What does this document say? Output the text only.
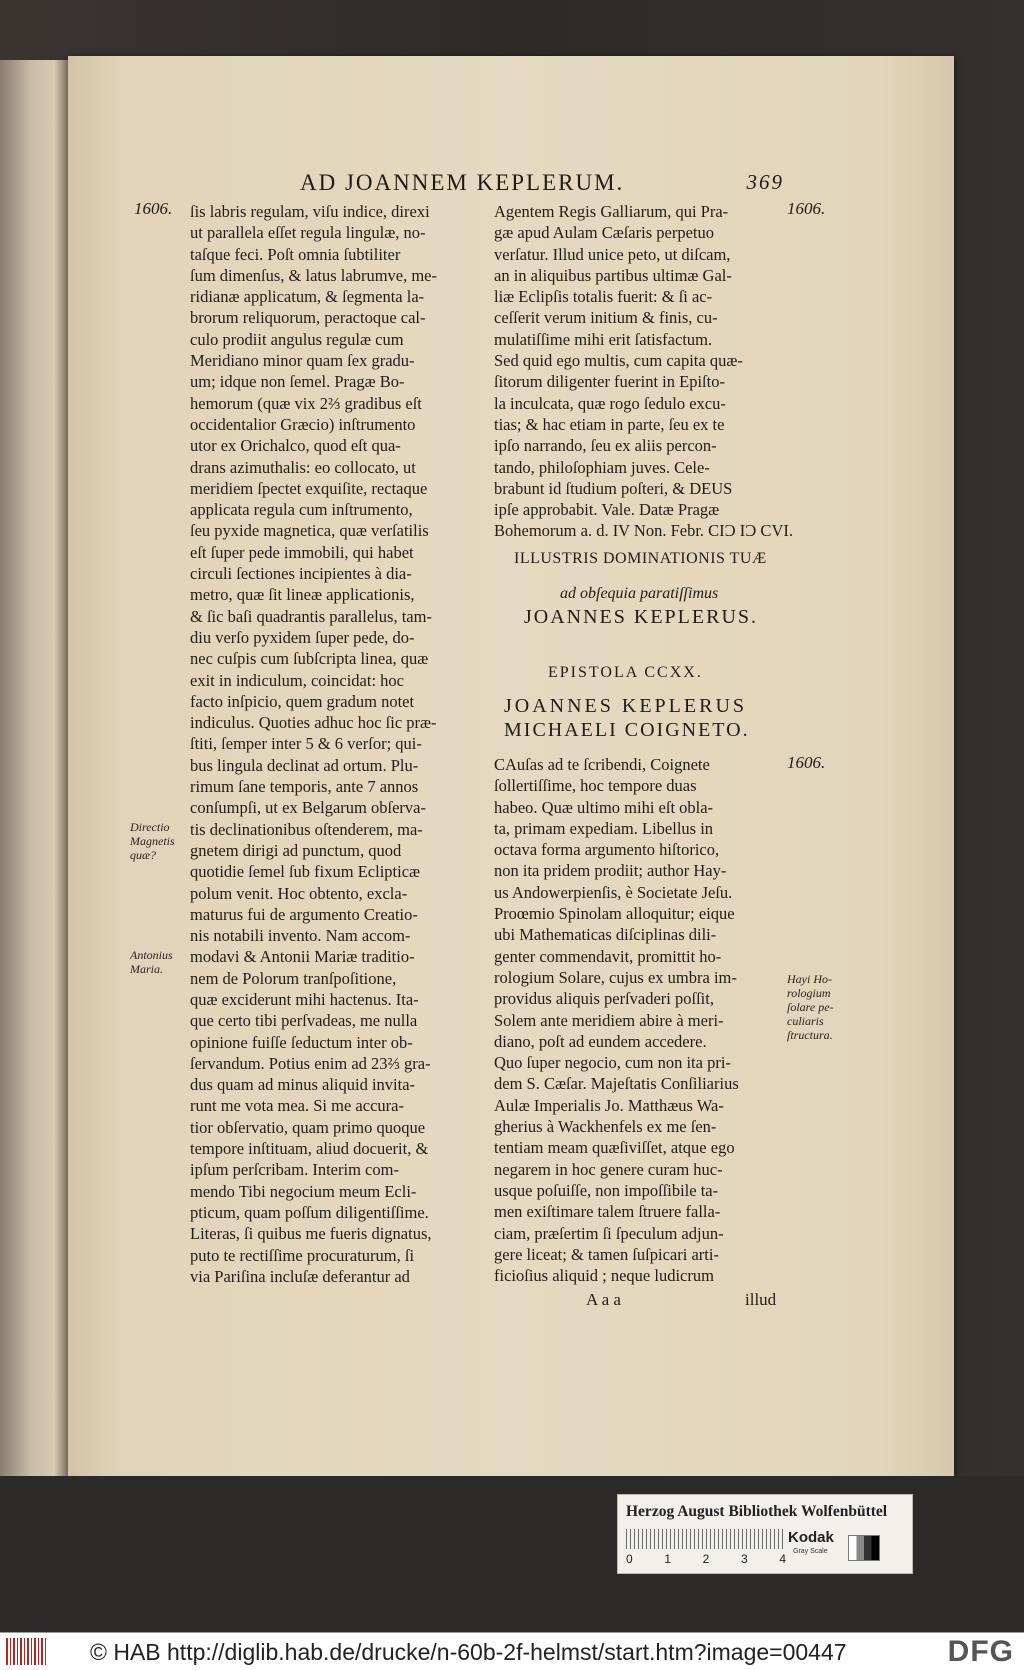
AD JOANNEM KEPLERUM.	369
1606.	1606.
1606.

ſis labris regulam, viſu indice, direxi

ut parallela eſſet regula lingulæ, no-

taſque feci. Poſt omnia ſubtiliter

ſum dimenſus, & latus labrumve, me-

ridianæ applicatum, & ſegmenta la-

brorum reliquorum, peractoque cal-

culo prodiit angulus regulæ cum

Meridiano minor quam ſex gradu-

um; idque non ſemel. Pragæ Bo-

hemorum (quæ vix 2⅔ gradibus eſt

occidentalior Græcio) inſtrumento

utor ex Orichalco, quod eſt qua-

drans azimuthalis: eo collocato, ut

meridiem ſpectet exquiſite, rectaque

applicata regula cum inſtrumento,

ſeu pyxide magnetica, quæ verſatilis

eſt ſuper pede immobili, qui habet

circuli ſectiones incipientes à dia-

metro, quæ ſit lineæ applicationis,

& ſic baſi quadrantis parallelus, tam-

diu verſo pyxidem ſuper pede, do-

nec cuſpis cum ſubſcripta linea, quæ

exit in indiculum, coincidat: hoc

facto inſpicio, quem gradum notet

indiculus. Quoties adhuc hoc ſic præ-

ſtiti, ſemper inter 5 & 6 verſor; qui-

bus lingula declinat ad ortum. Plu-

rimum ſane temporis, ante 7 annos

conſumpſi, ut ex Belgarum obſerva-

tis declinationibus oſtenderem, ma-

gnetem dirigi ad punctum, quod

quotidie ſemel ſub fixum Eclipticæ

polum venit. Hoc obtento, excla-

maturus fui de argumento Creatio-

nis notabili invento. Nam accom-

modavi & Antonii Mariæ traditio-

nem de Polorum tranſpoſitione,

quæ exciderunt mihi hactenus. Ita-

que certo tibi perſvadeas, me nulla

opinione fuiſſe ſeductum inter ob-

ſervandum. Potius enim ad 23⅔ gra-

dus quam ad minus aliquid invita-

runt me vota mea. Si me accura-

tior obſervatio, quam primo quoque

tempore inſtituam, aliud docuerit, &

ipſum perſcribam. Interim com-

mendo Tibi negocium meum Ecli-

pticum, quam poſſum diligentiſſime.

Literas, ſi quibus me fueris dignatus,

puto te rectiſſime procuraturum, ſi

via Pariſina incluſæ deferantur ad

Agentem Regis Galliarum, qui Pra-

gæ apud Aulam Cæſaris perpetuo

verſatur. Illud unice peto, ut diſcam,

an in aliquibus partibus ultimæ Gal-

liæ Eclipſis totalis fuerit: & ſi ac-

ceſſerit verum initium & finis, cu-

mulatiſſime mihi erit ſatisfactum.

Sed quid ego multis, cum capita quæ-

ſitorum diligenter fuerint in Epiſto-

la inculcata, quæ rogo ſedulo excu-

tias; & hac etiam in parte, ſeu ex te

ipſo narrando, ſeu ex aliis percon-

tando, philoſophiam juves. Cele-

brabunt id ſtudium poſteri, & DEUS

ipſe approbabit. Vale. Datæ Pragæ

Bohemorum a. d. IV Non. Febr. CIƆ IƆ CVI.

ILLUSTRIS DOMINATIONIS TUÆ
ad obſequia paratiſſimus
JOANNES KEPLERUS.
EPISTOLA CCXX.
JOANNES KEPLERUS
MICHAELI COIGNETO.

CAuſas ad te ſcribendi, Coignete

ſollertiſſime, hoc tempore duas

habeo. Quæ ultimo mihi eſt obla-

ta, primam expediam. Libellus in

octava forma argumento hiſtorico,

non ita pridem prodiit; author Hay-

us Andowerpienſis, è Societate Jeſu.

Proœmio Spinolam alloquitur; eique

ubi Mathematicas diſciplinas dili-

genter commendavit, promittit ho-

rologium Solare, cujus ex umbra im-

providus aliquis perſvaderi poſſit,

Solem ante meridiem abire à meri-

diano, poſt ad eundem accedere.

Quo ſuper negocio, cum non ita pri-

dem S. Cæſar. Majeſtatis Conſiliarius

Aulæ Imperialis Jo. Matthæus Wa-

gherius à Wackhenfels ex me ſen-

tentiam meam quæſiviſſet, atque ego

negarem in hoc genere curam huc-

usque poſuiſſe, non impoſſibile ta-

men exiſtimare talem ſtruere falla-

ciam, præſertim ſi ſpeculum adjun-

gere liceat; & tamen ſuſpicari arti-

ficioſius aliquid ; neque ludicrum

A a a	illud
Directio
Magnetis
quæ?
Antonius
Maria.
Hayi Ho-
rologium
ſolare pe-
culiaris
ſtructura.
Herzog August Bibliothek Wolfenbüttel
0	1	2	3	4
Kodak
Gray Scale
© HAB http://diglib.hab.de/drucke/n-60b-2f-helmst/start.htm?image=00447	DFG
